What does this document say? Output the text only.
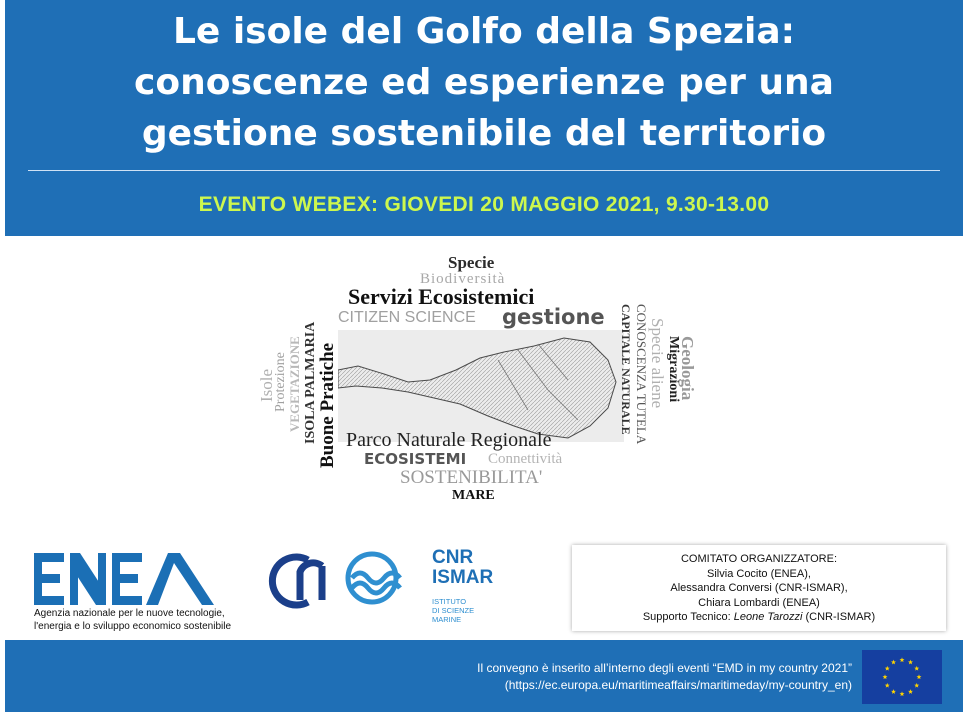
Le isole del Golfo della Spezia:
conoscenze ed esperienze per una
gestione sostenibile del territorio
EVENTO WEBEX: GIOVEDI 20 MAGGIO 2021, 9.30-13.00
Specie
Biodiversità
Servizi Ecosistemici
CITIZEN SCIENCE gestione
Isole
Protezione VEGETAZIONE ISOLA PALMARIA Buone Pratiche	CAPITALE NATURALE CONOSCENZA TUTELA Specie aliene Migrazioni
Geologia
Parco Naturale Regionale
ECOSISTEMI Connettività
SOSTENIBILITA'
MARE
Agenzia nazionale per le nuove tecnologie,
l'energia e lo sviluppo economico sostenibile
CNR
ISMAR
ISTITUTO
DI SCIENZE
MARINE
COMITATO ORGANIZZATORE:
Silvia Cocito (ENEA),
Alessandra Conversi (CNR-ISMAR),
Chiara Lombardi (ENEA)
Supporto Tecnico: Leone Tarozzi (CNR-ISMAR)
Il convegno è inserito all’interno degli eventi “EMD in my country 2021”
(https://ec.europa.eu/maritimeaffairs/maritimeday/my-country_en)
